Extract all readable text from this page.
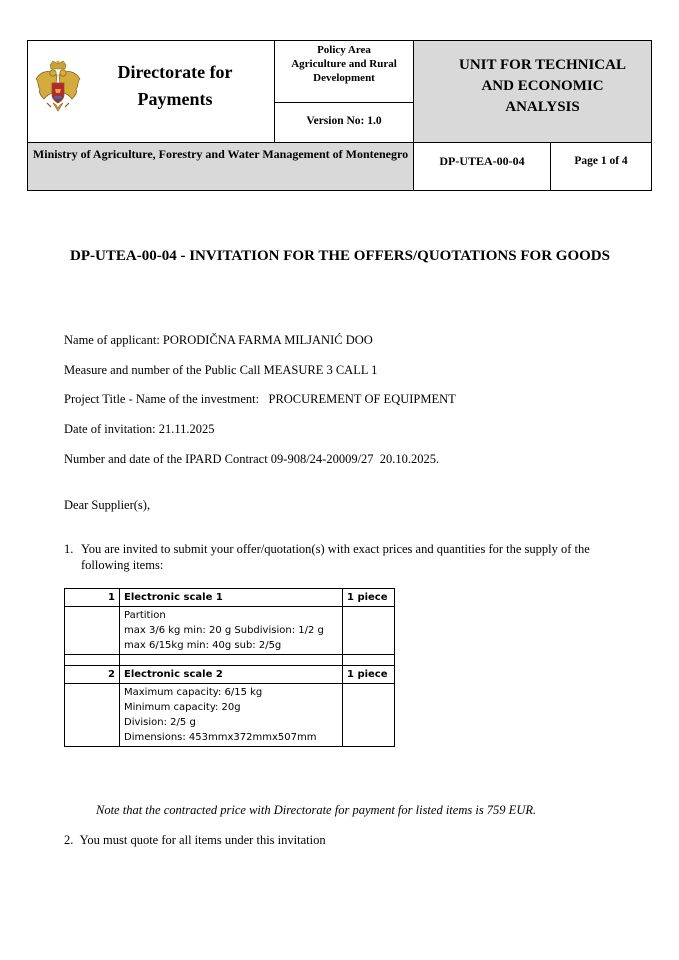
Directorate for Payments
Policy Area
Agriculture and Rural
Development
Version No: 1.0
UNIT FOR TECHNICAL AND ECONOMIC ANALYSIS
Ministry of Agriculture, Forestry and Water Management of Montenegro	DP-UTEA-00-04	Page 1 of 4
DP-UTEA-00-04 - INVITATION FOR THE OFFERS/QUOTATIONS FOR GOODS
Name of applicant: PORODIČNA FARMA MILJANIĆ DOO
Measure and number of the Public Call MEASURE 3 CALL 1
Project Title - Name of the investment:   PROCUREMENT OF EQUIPMENT
Date of invitation: 21.11.2025
Number and date of the IPARD Contract 09-908/24-20009/27  20.10.2025.
Dear Supplier(s),
1. You are invited to submit your offer/quotation(s) with exact prices and quantities for the supply of the following items:
1	Electronic scale 1	1 piece

	Partition
max 3/6 kg min: 20 g Subdivision: 1/2 g
max 6/15kg min: 40g sub: 2/5g	

2	Electronic scale 2	1 piece

	Maximum capacity: 6/15 kg
Minimum capacity: 20g
Division: 2/5 g
Dimensions: 453mmx372mmx507mm	

Note that the contracted price with Directorate for payment for listed items is 759 EUR.
2.  You must quote for all items under this invitation
